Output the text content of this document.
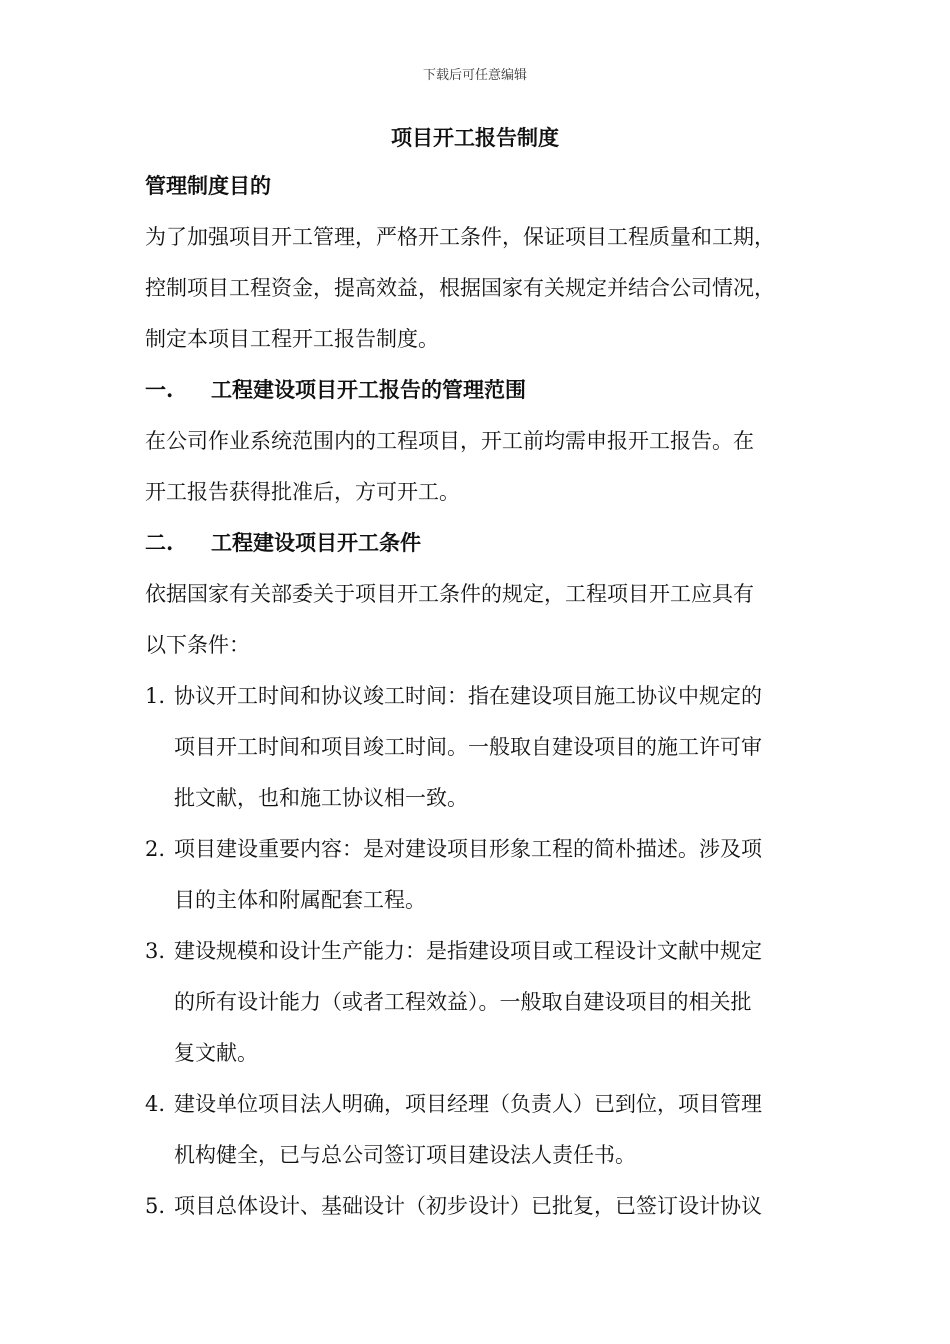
下载后可任意编辑
项目开工报告制度
管理制度目的
为了加强项目开工管理，严格开工条件，保证项目工程质量和工期，
控制项目工程资金，提高效益，根据国家有关规定并结合公司情况，
制定本项目工程开工报告制度。
一. 工程建设项目开工报告的管理范围
在公司作业系统范围内的工程项目，开工前均需申报开工报告。在
开工报告获得批准后，方可开工。
二. 工程建设项目开工条件
依据国家有关部委关于项目开工条件的规定，工程项目开工应具有
以下条件：
1. 协议开工时间和协议竣工时间：指在建设项目施工协议中规定的
项目开工时间和项目竣工时间。一般取自建设项目的施工许可审
批文献，也和施工协议相一致。
2. 项目建设重要内容：是对建设项目形象工程的简朴描述。涉及项
目的主体和附属配套工程。
3. 建设规模和设计生产能力：是指建设项目或工程设计文献中规定
的所有设计能力（或者工程效益）。一般取自建设项目的相关批
复文献。
4. 建设单位项目法人明确，项目经理（负责人）已到位，项目管理
机构健全，已与总公司签订项目建设法人责任书。
5. 项目总体设计、基础设计（初步设计）已批复，已签订设计协议
